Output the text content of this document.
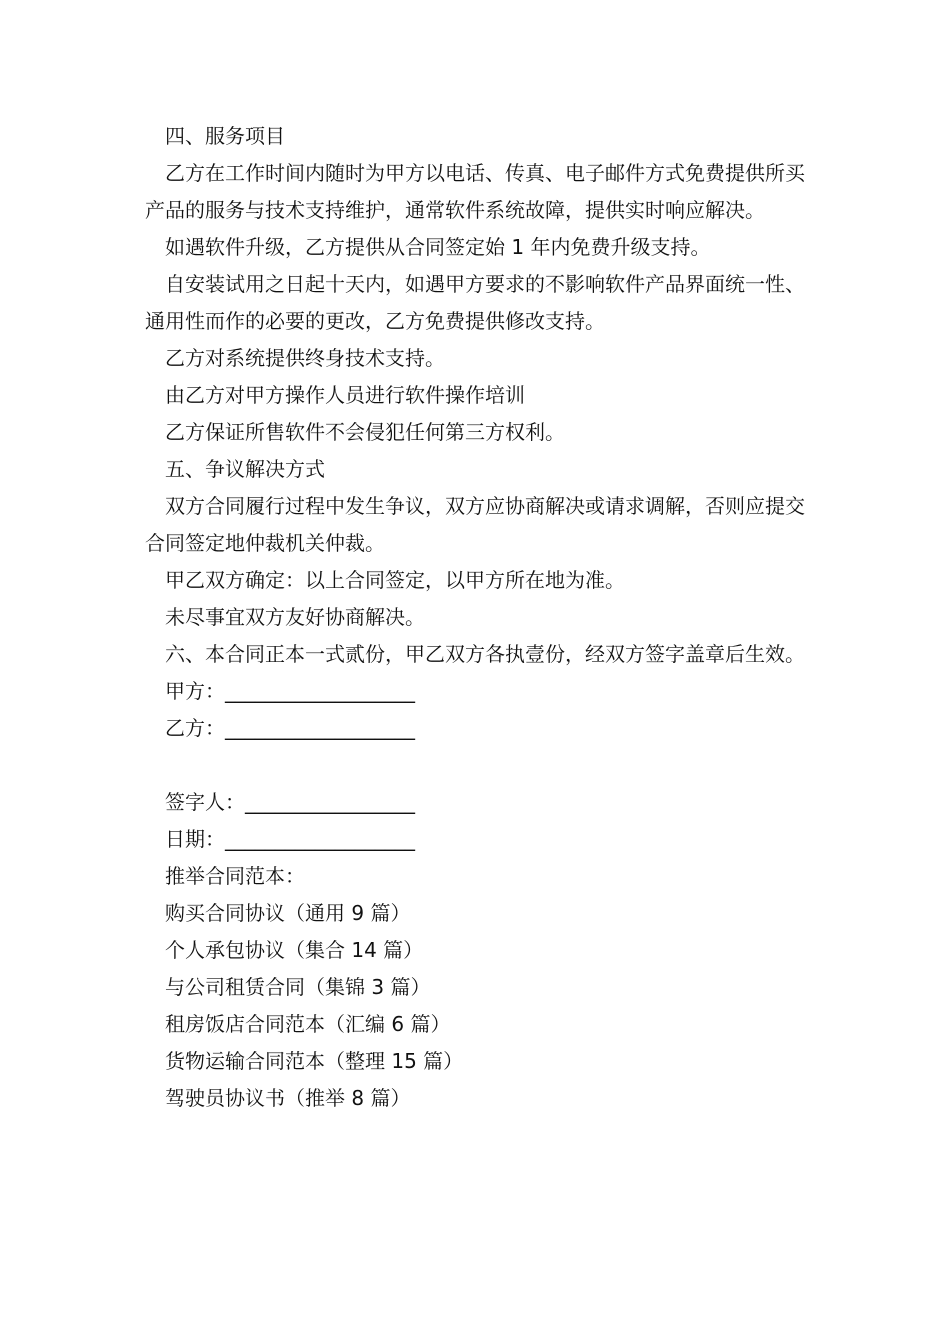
四、服务项目

乙方在工作时间内随时为甲方以电话、传真、电子邮件方式免费提供所买产品的服务与技术支持维护，通常软件系统故障，提供实时响应解决。

如遇软件升级，乙方提供从合同签定始 1 年内免费升级支持。

自安装试用之日起十天内，如遇甲方要求的不影响软件产品界面统一性、通用性而作的必要的更改，乙方免费提供修改支持。

乙方对系统提供终身技术支持。

由乙方对甲方操作人员进行软件操作培训

乙方保证所售软件不会侵犯任何第三方权利。

五、争议解决方式

双方合同履行过程中发生争议，双方应协商解决或请求调解，否则应提交合同签定地仲裁机关仲裁。

甲乙双方确定：以上合同签定，以甲方所在地为准。

未尽事宜双方友好协商解决。

六、本合同正本一式贰份，甲乙双方各执壹份，经双方签字盖章后生效。

甲方：___________________

乙方：___________________

签字人：_________________

日期：___________________

推举合同范本：

购买合同协议（通用 9 篇）

个人承包协议（集合 14 篇）

与公司租赁合同（集锦 3 篇）

租房饭店合同范本（汇编 6 篇）

货物运输合同范本（整理 15 篇）

驾驶员协议书（推举 8 篇）
